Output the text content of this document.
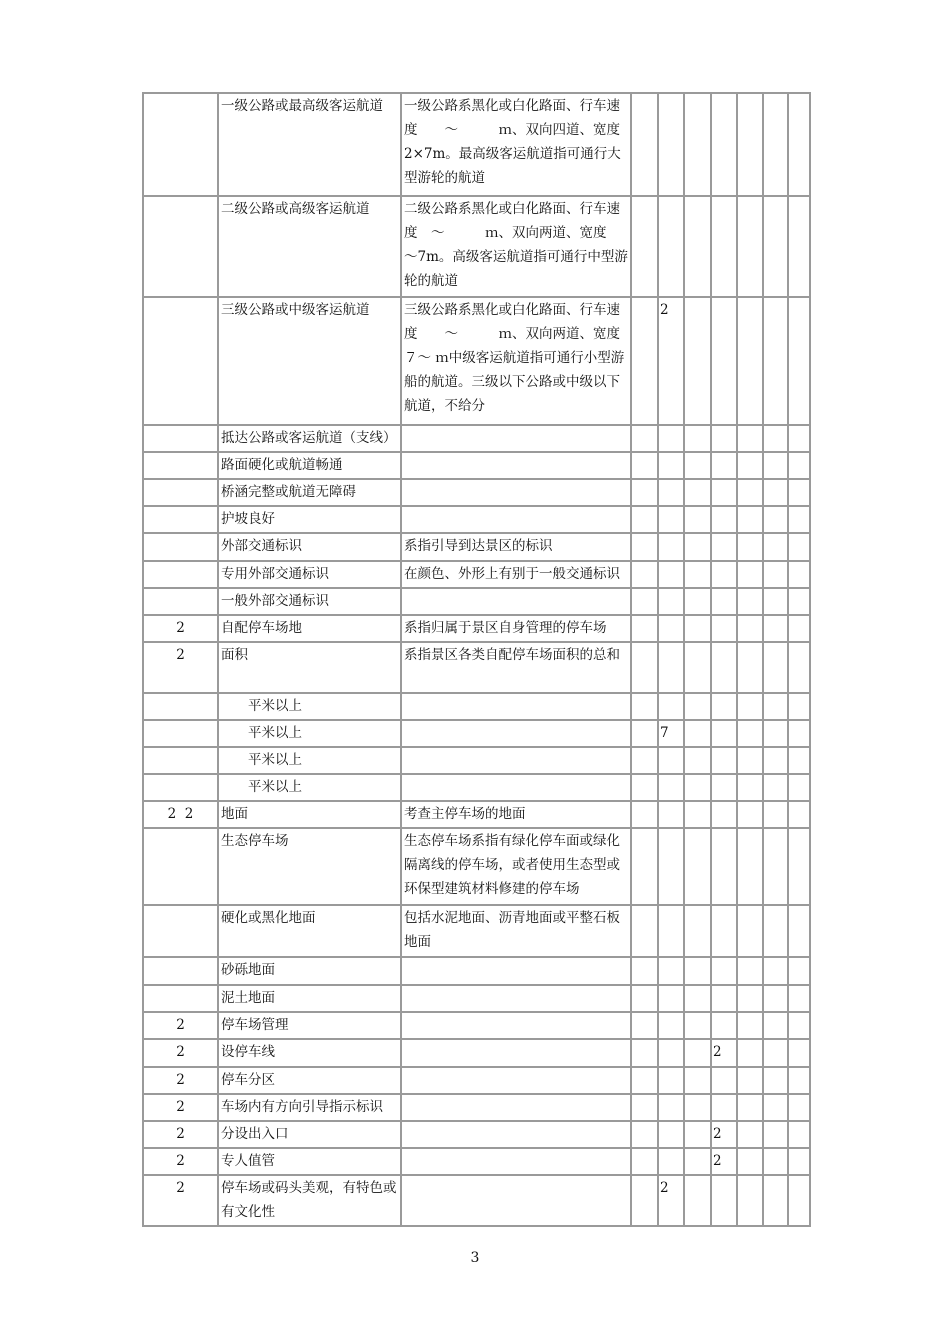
	一级公路或最高级客运航道	一级公路系黑化或白化路面、行车速度　　～　　　ｍ、双向四道、宽度2×7m。最高级客运航道指可通行大型游轮的航道							
	二级公路或高级客运航道	二级公路系黑化或白化路面、行车速度　～　　　ｍ、双向两道、宽度　～7m。高级客运航道指可通行中型游轮的航道							
	三级公路或中级客运航道	三级公路系黑化或白化路面、行车速度　　～　　　ｍ、双向两道、宽度７～ ｍ中级客运航道指可通行小型游船的航道。三级以下公路或中级以下航道，不给分		2					
	抵达公路或客运航道（支线）								
	路面硬化或航道畅通								
	桥涵完整或航道无障碍								
	护坡良好								
	外部交通标识	系指引导到达景区的标识							
	专用外部交通标识	在颜色、外形上有别于一般交通标识							
	一般外部交通标识								
2	自配停车场地	系指归属于景区自身管理的停车场							
2	面积	系指景区各类自配停车场面积的总和							
	　　平米以上								
	　　平米以上			7					
	　　平米以上								
	　　平米以上								
2  2	地面	考查主停车场的地面							
	生态停车场	生态停车场系指有绿化停车面或绿化隔离线的停车场，或者使用生态型或环保型建筑材料修建的停车场							
	硬化或黑化地面	包括水泥地面、沥青地面或平整石板地面							
	砂砾地面								
	泥土地面								
2	停车场管理								
2	设停车线					2			
2	停车分区								
2	车场内有方向引导指示标识								
2	分设出入口					2			
2	专人值管					2			
2	停车场或码头美观，有特色或有文化性			2					
3
